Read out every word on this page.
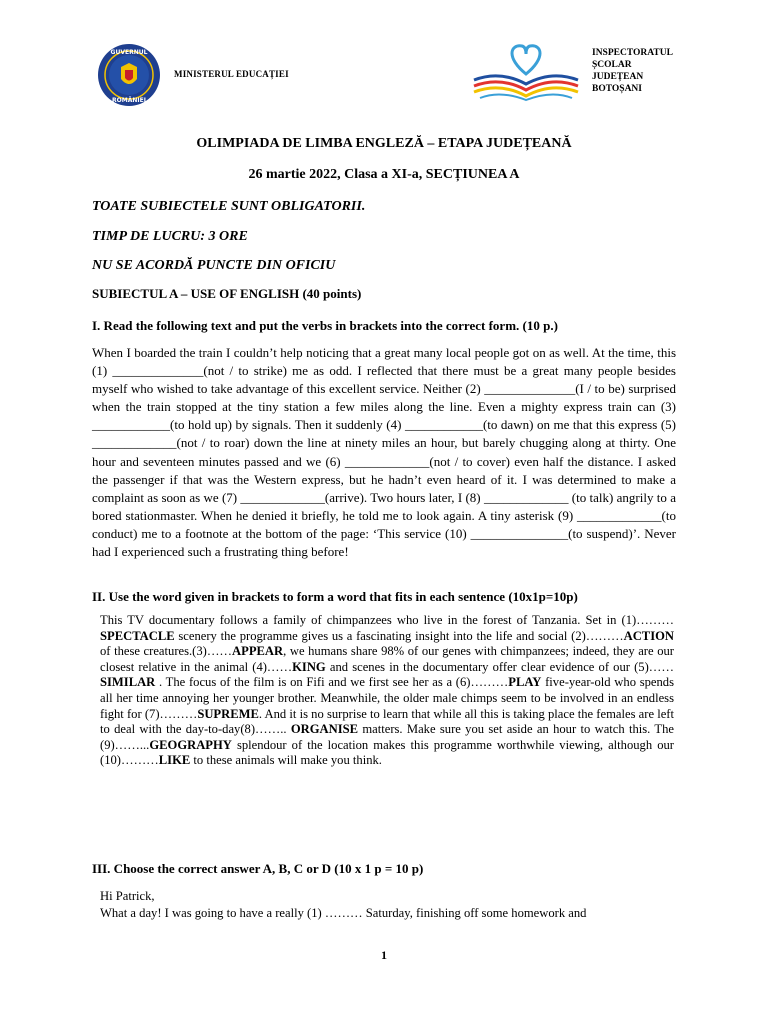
GUVERNUL
ROMÂNIEI
MINISTERUL EDUCAȚIEI
INSPECTORATUL
ȘCOLAR
JUDEȚEAN
BOTOȘANI
OLIMPIADA DE LIMBA ENGLEZĂ – ETAPA JUDEȚEANĂ
26 martie 2022, Clasa a XI-a, SECȚIUNEA A
TOATE SUBIECTELE SUNT OBLIGATORII.
TIMP DE LUCRU: 3 ORE
NU SE ACORDĂ PUNCTE DIN OFICIU
SUBIECTUL A – USE OF ENGLISH (40 points)
I. Read the following text and put the verbs in brackets into the correct form. (10 p.)
When I boarded the train I couldn’t help noticing that a great many local people got on as well. At the time, this (1) ______________(not / to strike) me as odd. I reflected that there must be a great many people besides myself who wished to take advantage of this excellent service. Neither (2) ______________(I / to be) surprised when the train stopped at the tiny station a few miles along the line. Even a mighty express train can (3) ____________(to hold up) by signals. Then it suddenly (4) ____________(to dawn) on me that this express (5) _____________(not / to roar) down the line at ninety miles an hour, but barely chugging along at thirty. One hour and seventeen minutes passed and we (6) _____________(not / to cover) even half the distance. I asked the passenger if that was the Western express, but he hadn’t even heard of it. I was determined to make a complaint as soon as we (7) _____________(arrive). Two hours later, I (8) _____________ (to talk) angrily to a bored stationmaster. When he denied it briefly, he told me to look again. A tiny asterisk (9) _____________(to conduct) me to a footnote at the bottom of the page: ‘This service (10) _______________(to suspend)’. Never had I experienced such a frustrating thing before!
II. Use the word given in brackets to form a word that fits in each sentence (10x1p=10p)
This TV documentary follows a family of chimpanzees who live in the forest of Tanzania. Set in (1)……… SPECTACLE scenery the programme gives us a fascinating insight into the life and social (2)………ACTION of these creatures.(3)……APPEAR, we humans share 98% of our genes with chimpanzees; indeed, they are our closest relative in the animal (4)……KING and scenes in the documentary offer clear evidence of our (5)…… SIMILAR . The focus of the film is on Fifi and we first see her as a (6)………PLAY five-year-old who spends all her time annoying her younger brother. Meanwhile, the older male chimps seem to be involved in an endless fight for (7)………SUPREME. And it is no surprise to learn that while all this is taking place the females are left to deal with the day-to-day(8)…….. ORGANISE matters. Make sure you set aside an hour to watch this. The (9)……...GEOGRAPHY splendour of the location makes this programme worthwhile viewing, although our (10)………LIKE to these animals will make you think.
III. Choose the correct answer A, B, C or D (10 x 1 p = 10 p)
Hi Patrick,
What a day! I was going to have a really (1) ……… Saturday, finishing off some homework and
1
